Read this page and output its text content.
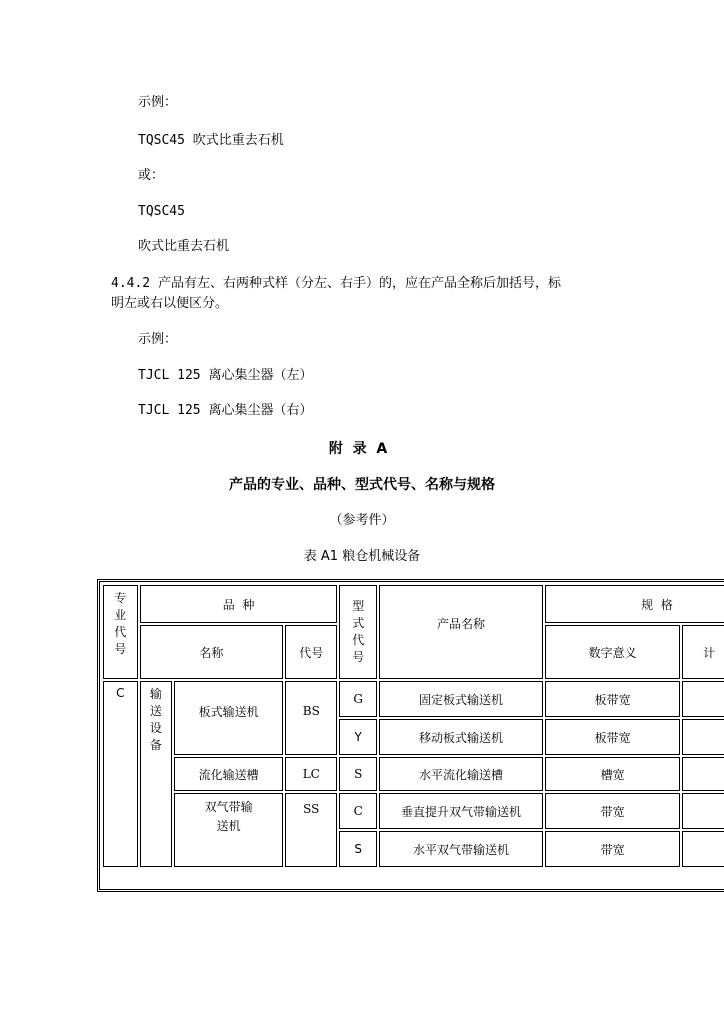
示例：
TQSC45 吹式比重去石机
或：
TQSC45
吹式比重去石机
4.4.2 产品有左、右两种式样（分左、右手）的，应在产品全称后加括号，标
明左或右以便区分。
示例：
TJCL 125 离心集尘器（左）
TJCL 125 离心集尘器（右）
附  录  A
产品的专业、品种、型式代号、名称与规格
（参考件）
表 A1 粮仓机械设备
专业代号	品  种			型式代号	产品名称	规  格	
	名称		代号			数字意义	计
C	输送设备	板式输送机	BS	G	固定板式输送机	板带宽	
				Y	移动板式输送机	板带宽	
		流化输送槽	LC	S	水平流化输送槽	槽宽	

		双气带输送机	SS	C	垂直提升双气带输送机	带宽	
				S	水平双气带输送机	带宽	
